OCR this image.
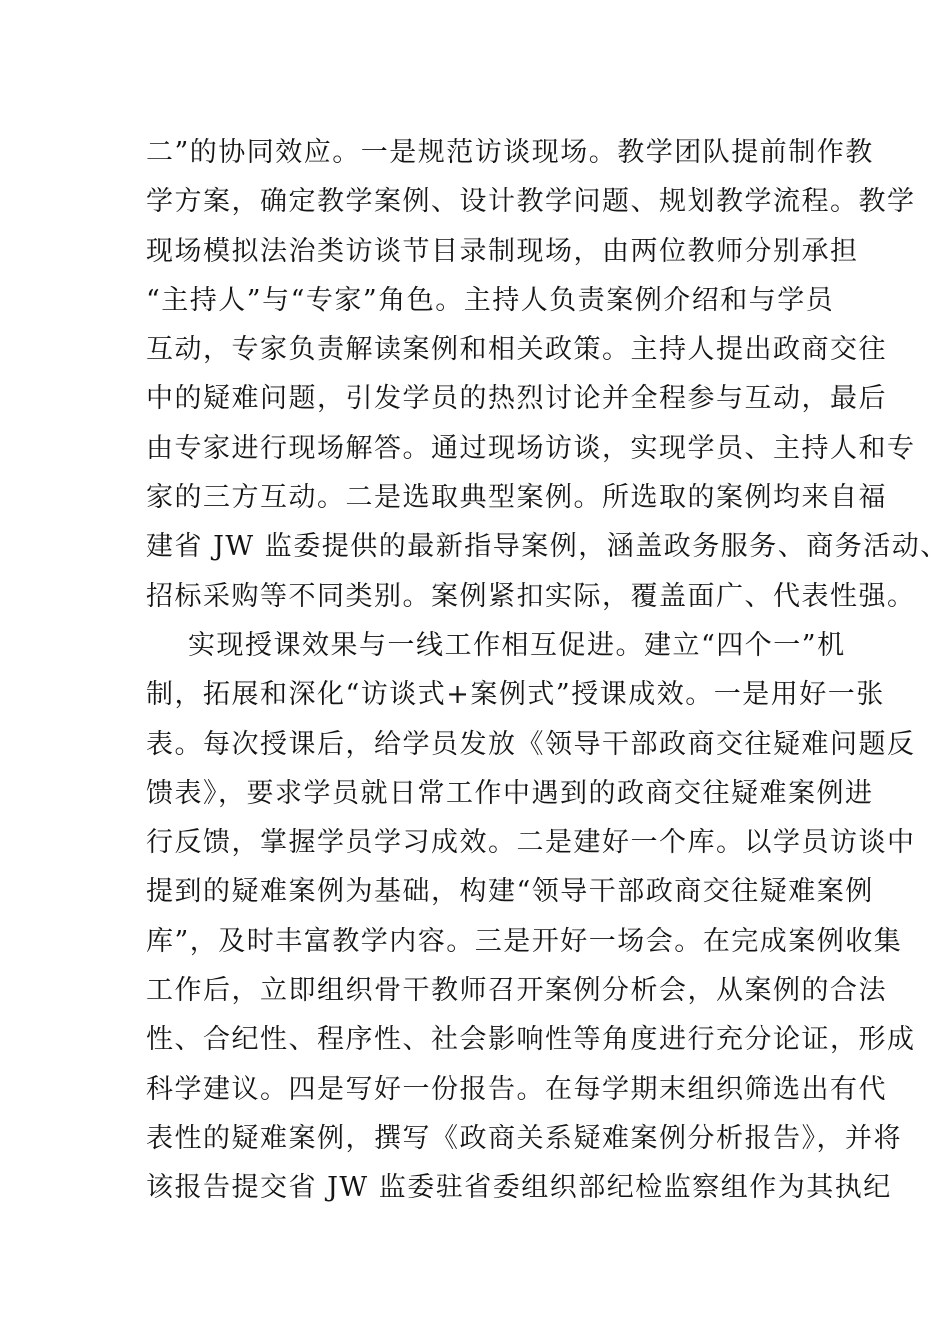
二”的协同效应。一是规范访谈现场。教学团队提前制作教
学方案，确定教学案例、设计教学问题、规划教学流程。教学
现场模拟法治类访谈节目录制现场，由两位教师分别承担
“主持人”与“专家”角色。主持人负责案例介绍和与学员
互动，专家负责解读案例和相关政策。主持人提出政商交往
中的疑难问题，引发学员的热烈讨论并全程参与互动，最后
由专家进行现场解答。通过现场访谈，实现学员、主持人和专
家的三方互动。二是选取典型案例。所选取的案例均来自福
建省 JW 监委提供的最新指导案例，涵盖政务服务、商务活动、
招标采购等不同类别。案例紧扣实际，覆盖面广、代表性强。
实现授课效果与一线工作相互促进。建立“四个一”机
制，拓展和深化“访谈式+案例式”授课成效。一是用好一张
表。每次授课后，给学员发放《领导干部政商交往疑难问题反
馈表》，要求学员就日常工作中遇到的政商交往疑难案例进
行反馈，掌握学员学习成效。二是建好一个库。以学员访谈中
提到的疑难案例为基础，构建“领导干部政商交往疑难案例
库”，及时丰富教学内容。三是开好一场会。在完成案例收集
工作后，立即组织骨干教师召开案例分析会，从案例的合法
性、合纪性、程序性、社会影响性等角度进行充分论证，形成
科学建议。四是写好一份报告。在每学期末组织筛选出有代
表性的疑难案例，撰写《政商关系疑难案例分析报告》，并将
该报告提交省 JW 监委驻省委组织部纪检监察组作为其执纪
